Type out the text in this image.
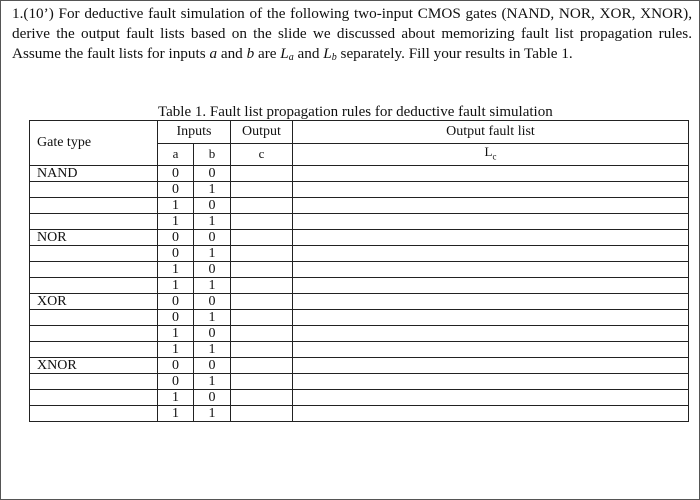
1.(10’) For deductive fault simulation of the following two-input CMOS gates (NAND, NOR, XOR, XNOR), derive the output fault lists based on the slide we discussed about memorizing fault list propagation rules. Assume the fault lists for inputs a and b are $L_a$ and $L_b$ separately. Fill your results in Table 1.
Table 1. Fault list propagation rules for deductive fault simulation
Gate type	Inputs		Output	Output fault list
	a	b	c	$L_c$
NAND	0	0		
	0	1		
	1	0		
	1	1		
NOR	0	0		
	0	1		
	1	0		
	1	1		
XOR	0	0		
	0	1		
	1	0		
	1	1		
XNOR	0	0		
	0	1		
	1	0		
	1	1		
